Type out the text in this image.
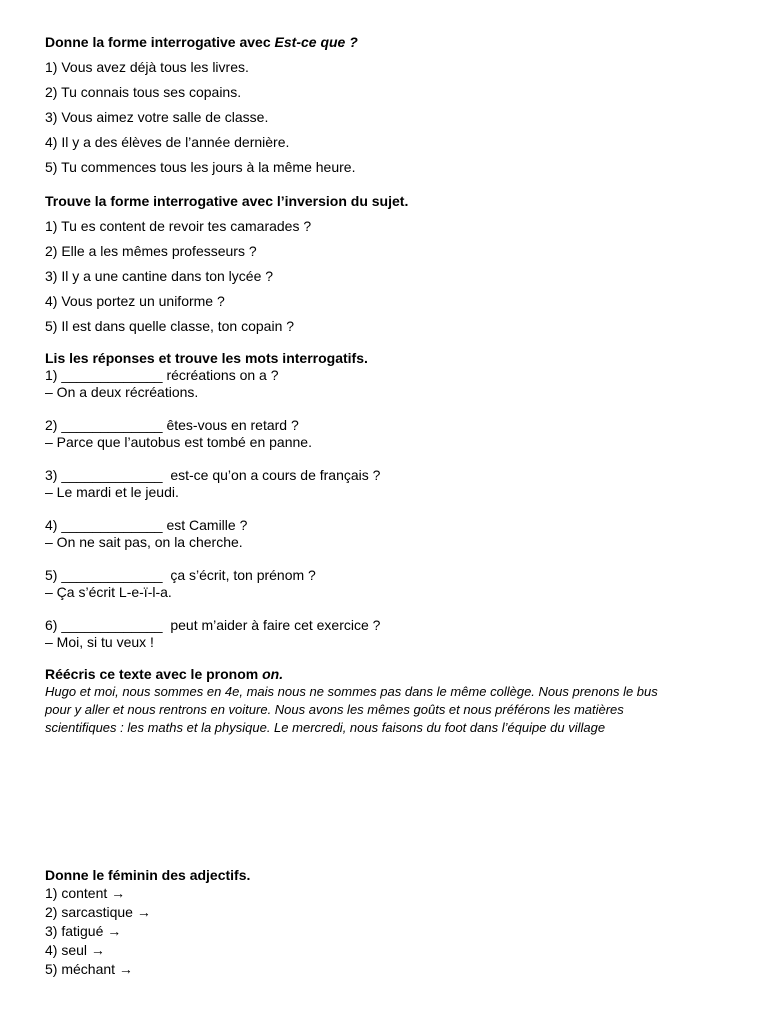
Donne la forme interrogative avec Est-ce que ?

1) Vous avez déjà tous les livres.

2) Tu connais tous ses copains.

3) Vous aimez votre salle de classe.

4) Il y a des élèves de l’année dernière.

5) Tu commences tous les jours à la même heure.

Trouve la forme interrogative avec l’inversion du sujet.

1) Tu es content de revoir tes camarades ?

2) Elle a les mêmes professeurs ?

3) Il y a une cantine dans ton lycée ?

4) Vous portez un uniforme ?

5) Il est dans quelle classe, ton copain ?

Lis les réponses et trouve les mots interrogatifs.

1) _____________ récréations on a ?

– On a deux récréations.

2) _____________ êtes-vous en retard ?

– Parce que l’autobus est tombé en panne.

3) _____________  est-ce qu’on a cours de français ?

– Le mardi et le jeudi.

4) _____________ est Camille ?

– On ne sait pas, on la cherche.

5) _____________  ça s’écrit, ton prénom ?

– Ça s’écrit L-e-ï-l-a.

6) _____________  peut m’aider à faire cet exercice ?

– Moi, si tu veux !

Réécris ce texte avec le pronom on.

Hugo et moi, nous sommes en 4e, mais nous ne sommes pas dans le même collège. Nous prenons le bus

pour y aller et nous rentrons en voiture. Nous avons les mêmes goûts et nous préférons les matières

scientifiques : les maths et la physique. Le mercredi, nous faisons du foot dans l’équipe du village

Donne le féminin des adjectifs.

1) content →

2) sarcastique →

3) fatigué →

4) seul →

5) méchant →
